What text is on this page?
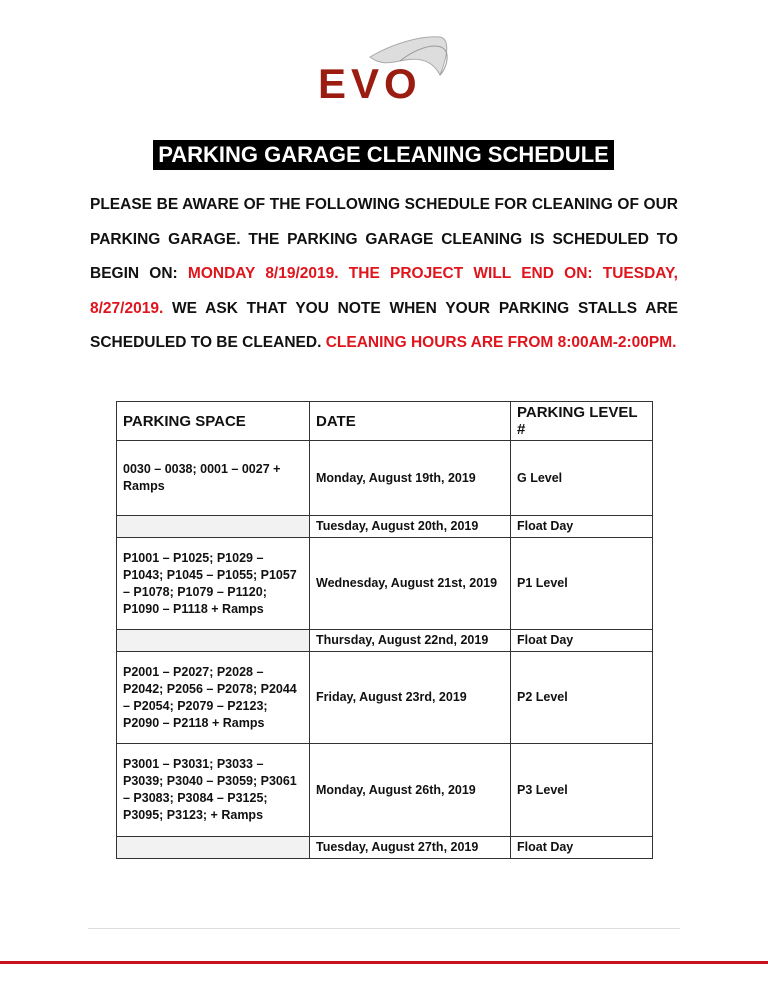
EVO
PARKING GARAGE CLEANING SCHEDULE
PLEASE BE AWARE OF THE FOLLOWING SCHEDULE FOR CLEANING OF OUR PARKING GARAGE. THE PARKING GARAGE CLEANING IS SCHEDULED TO BEGIN ON: MONDAY 8/19/2019. THE PROJECT WILL END ON: TUESDAY, 8/27/2019. WE ASK THAT YOU NOTE WHEN YOUR PARKING STALLS ARE SCHEDULED TO BE CLEANED. CLEANING HOURS ARE FROM 8:00AM-2:00PM.
PARKING SPACE	DATE	PARKING LEVEL #
0030 – 0038; 0001 – 0027 + Ramps	Monday, August 19th, 2019	G Level
	Tuesday, August 20th, 2019	Float Day
P1001 – P1025; P1029 – P1043; P1045 – P1055; P1057 – P1078; P1079 – P1120; P1090 – P1118 + Ramps	Wednesday, August 21st, 2019	P1 Level
	Thursday, August 22nd, 2019	Float Day
P2001 – P2027; P2028 – P2042; P2056 – P2078; P2044 – P2054; P2079 – P2123; P2090 – P2118 + Ramps	Friday, August 23rd, 2019	P2 Level
P3001 – P3031; P3033 – P3039; P3040 – P3059; P3061 – P3083; P3084 – P3125; P3095; P3123; + Ramps	Monday, August 26th, 2019	P3 Level
	Tuesday, August 27th, 2019	Float Day
